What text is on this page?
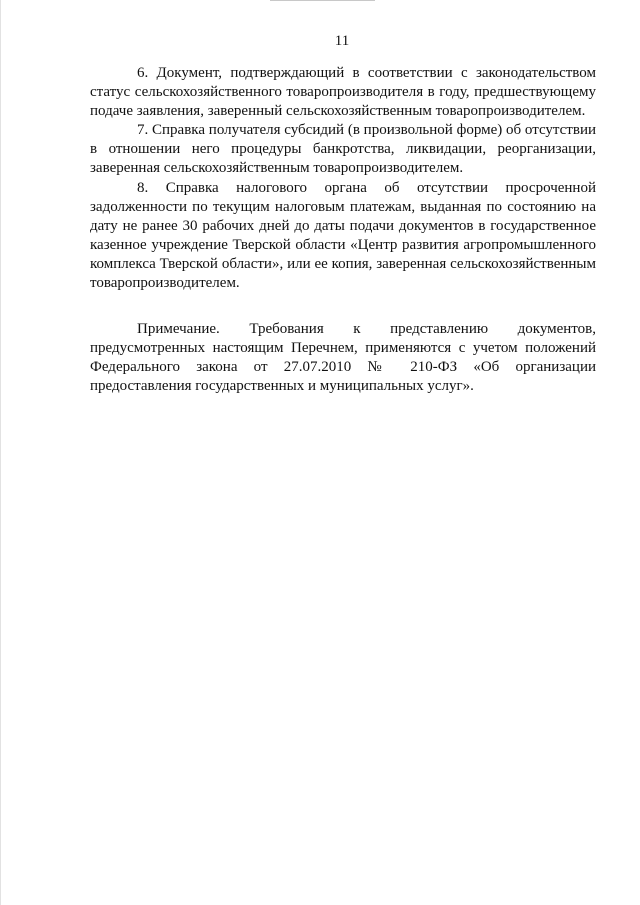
11

6. Документ, подтверждающий в соответствии с законодательством статус сельскохозяйственного товаропроизводителя в году, предшествующему подаче заявления, заверенный сельскохозяйственным товаропроизводителем.

7. Справка получателя субсидий (в произвольной форме) об отсутствии в отношении него процедуры банкротства, ликвидации, реорганизации, заверенная сельскохозяйственным товаропроизводителем.

8. Справка налогового органа об отсутствии просроченной задолженности по текущим налоговым платежам, выданная по состоянию на дату не ранее 30 рабочих дней до даты подачи документов в государственное казенное учреждение Тверской области «Центр развития агропромышленного комплекса Тверской области», или ее копия, заверенная сельскохозяйственным товаропроизводителем.

Примечание. Требования к представлению документов, предусмотренных настоящим Перечнем, применяются с учетом положений Федерального закона от 27.07.2010 № 210-ФЗ «Об организации предоставления государственных и муниципальных услуг».
